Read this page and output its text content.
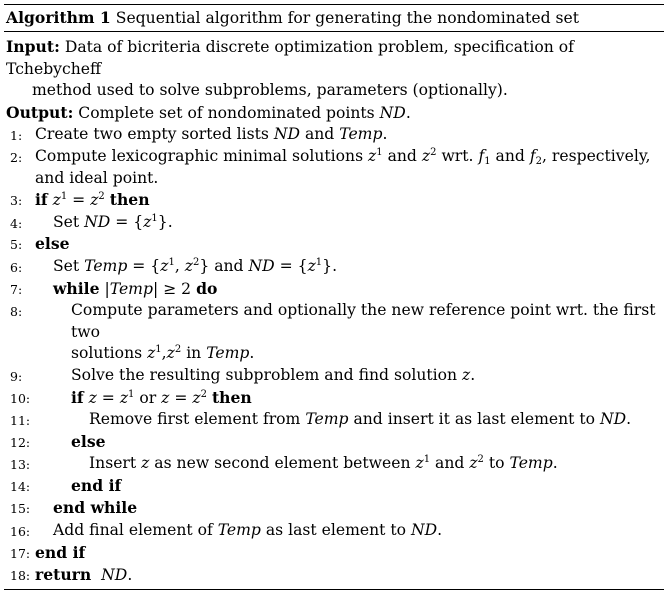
Algorithm 1 Sequential algorithm for generating the nondominated set
Input: Data of bicriteria discrete optimization problem, specification of Tchebycheff
method used to solve subproblems, parameters (optionally).
Output: Complete set of nondominated points ND.
1: Create two empty sorted lists ND and Temp.
2: Compute lexicographic minimal solutions $z^1$ and $z^2$ wrt. $f_1$ and $f_2$, respectively,
and ideal point.
3: if $z^1 = z^2$ then
4:	Set ND = $\{z^1\}$.
5: else
6:	Set Temp = {$z^1$, $z^2$} and ND = $\{z^1\}$.
7:	while |Temp| ≥ 2 do
8:	Compute parameters and optionally the new reference point wrt. the first two
solutions $z^1,z^2$ in Temp.
9:	Solve the resulting subproblem and find solution z.
10:	if $z = z^1$ or $z = z^2$ then
11:	Remove first element from Temp and insert it as last element to ND.
12:	else
13:	Insert z as new second element between $z^1$ and $z^2$ to Temp.
14:	end if
15: end while
16: Add final element of Temp as last element to ND.
17: end if
18: return ND.
